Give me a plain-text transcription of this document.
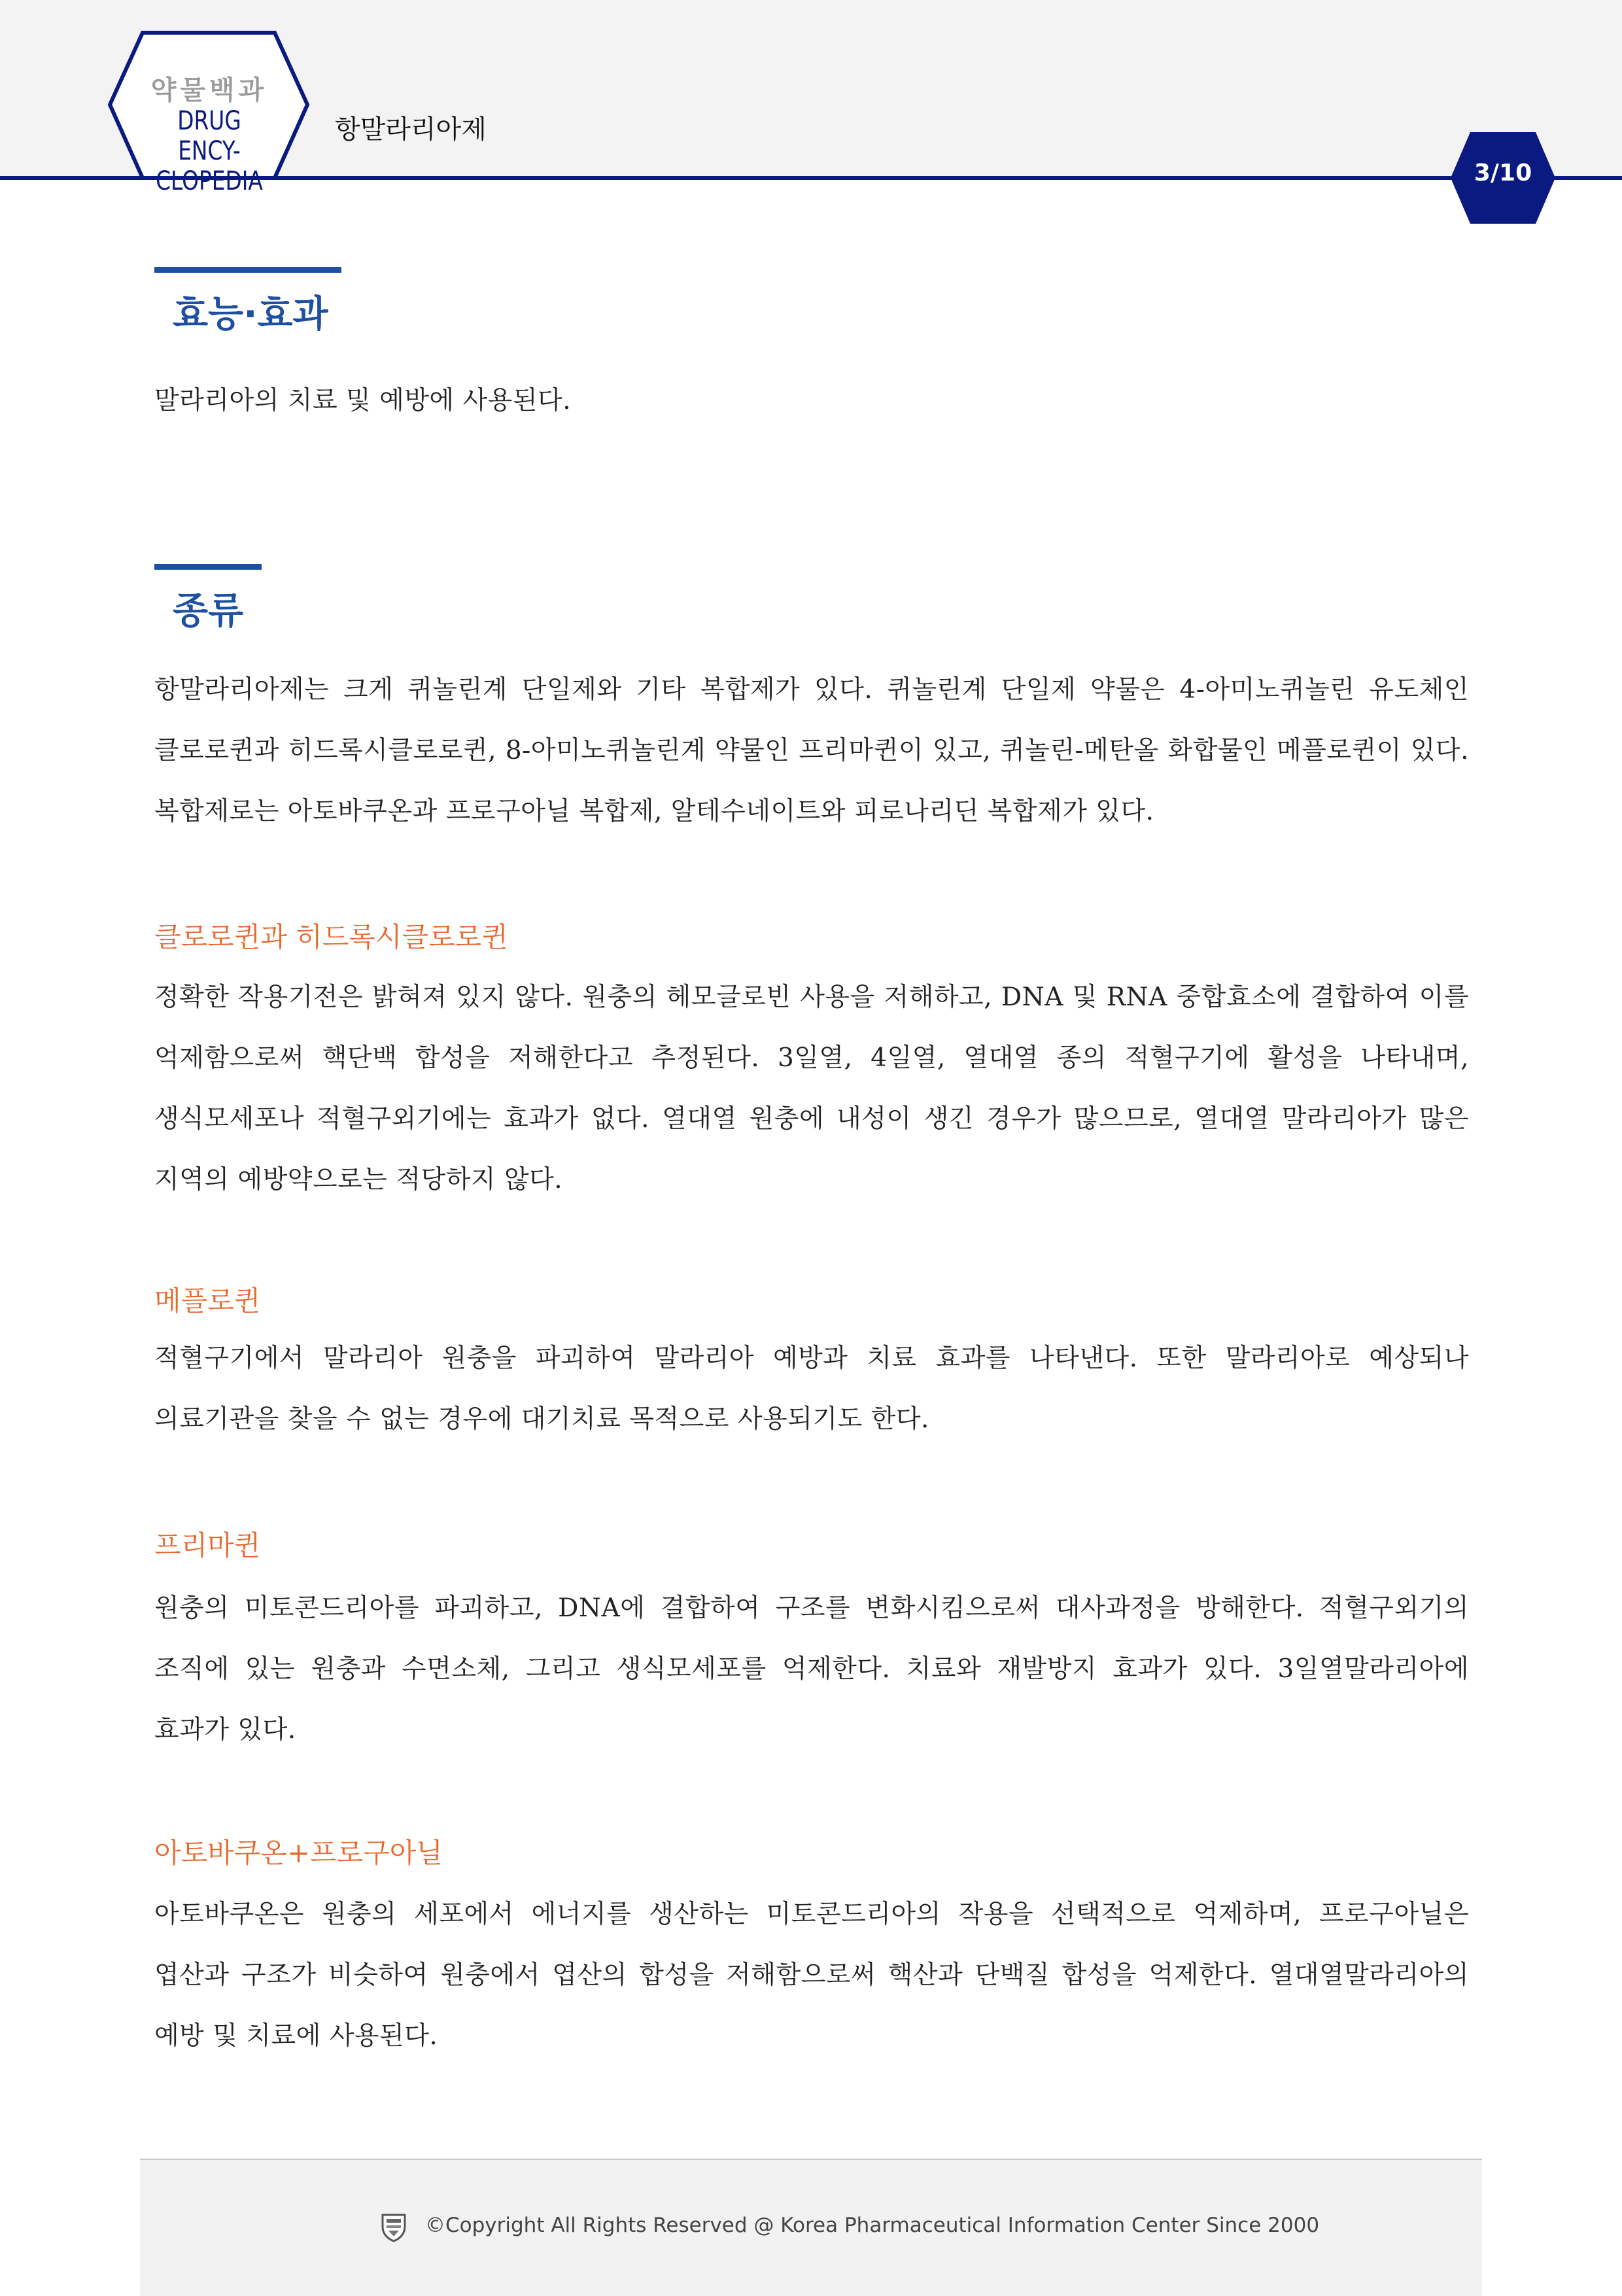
약물백과
DRUG ENCY-
CLOPEDIA
항말라리아제
3/10
효능·효과

말라리아의 치료 및 예방에 사용된다.

종류

항말라리아제는 크게 퀴놀린계 단일제와 기타 복합제가 있다. 퀴놀린계 단일제 약물은 4-아미노퀴놀린 유도체인 클로로퀸과 히드록시클로로퀸, 8-아미노퀴놀린계 약물인 프리마퀸이 있고, 퀴놀린-메탄올 화합물인 메플로퀸이 있다. 복합제로는 아토바쿠온과 프로구아닐 복합제, 알테수네이트와 피로나리딘 복합제가 있다.

클로로퀸과 히드록시클로로퀸

정확한 작용기전은 밝혀져 있지 않다. 원충의 헤모글로빈 사용을 저해하고, DNA 및 RNA 중합효소에 결합하여 이를 억제함으로써 핵단백 합성을 저해한다고 추정된다. 3일열, 4일열, 열대열 종의 적혈구기에 활성을 나타내며, 생식모세포나 적혈구외기에는 효과가 없다. 열대열 원충에 내성이 생긴 경우가 많으므로, 열대열 말라리아가 많은 지역의 예방약으로는 적당하지 않다.

메플로퀸

적혈구기에서 말라리아 원충을 파괴하여 말라리아 예방과 치료 효과를 나타낸다. 또한 말라리아로 예상되나 의료기관을 찾을 수 없는 경우에 대기치료 목적으로 사용되기도 한다.

프리마퀸

원충의 미토콘드리아를 파괴하고, DNA에 결합하여 구조를 변화시킴으로써 대사과정을 방해한다. 적혈구외기의 조직에 있는 원충과 수면소체, 그리고 생식모세포를 억제한다. 치료와 재발방지 효과가 있다. 3일열말라리아에 효과가 있다.

아토바쿠온+프로구아닐

아토바쿠온은 원충의 세포에서 에너지를 생산하는 미토콘드리아의 작용을 선택적으로 억제하며, 프로구아닐은 엽산과 구조가 비슷하여 원충에서 엽산의 합성을 저해함으로써 핵산과 단백질 합성을 억제한다. 열대열말라리아의 예방 및 치료에 사용된다.

©Copyright All Rights Reserved @ Korea Pharmaceutical Information Center Since 2000
